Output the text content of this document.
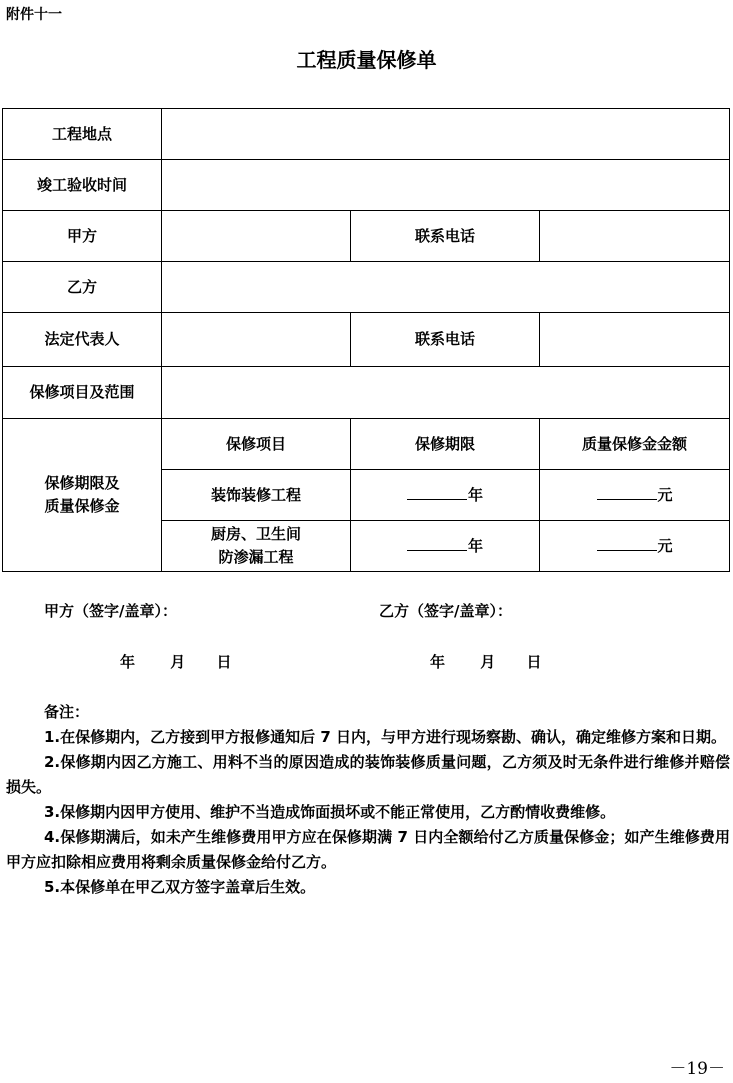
附件十一
工程质量保修单
工程地点			
竣工验收时间			
甲方		联系电话	
乙方			
法定代表人		联系电话	
保修项目及范围			

保修期限及
质量保修金	保修项目	保修期限	质量保修金金额
	装饰装修工程	年	元

	厨房、卫生间
防渗漏工程	年	元
甲方（签字/盖章）：	乙方（签字/盖章）：
年 月 日	年 月 日

备注：

1.在保修期内，乙方接到甲方报修通知后 7 日内，与甲方进行现场察勘、确认，确定维修方案和日期。

2.保修期内因乙方施工、用料不当的原因造成的装饰装修质量问题，乙方须及时无条件进行维修并赔偿损失。

3.保修期内因甲方使用、维护不当造成饰面损坏或不能正常使用，乙方酌情收费维修。

4.保修期满后，如未产生维修费用甲方应在保修期满 7 日内全额给付乙方质量保修金；如产生维修费用甲方应扣除相应费用将剩余质量保修金给付乙方。

5.本保修单在甲乙双方签字盖章后生效。

－19－
